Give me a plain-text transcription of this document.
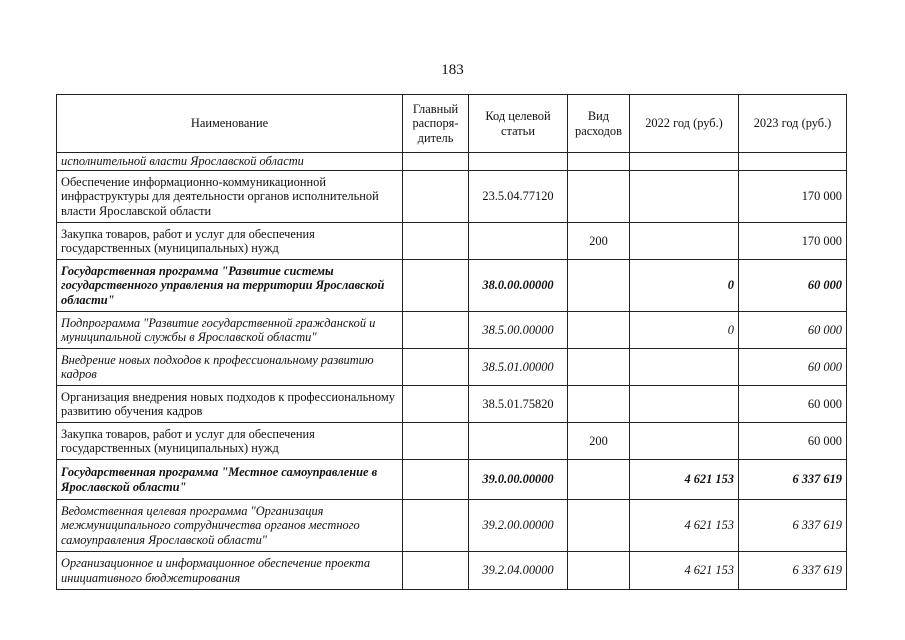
183
Наименование	Главный распоря-дитель	Код целевой статьи	Вид расходов	2022 год (руб.)	2023 год (руб.)
исполнительной власти Ярославской области					
Обеспечение информационно-коммуникационной инфраструктуры для деятельности органов исполнительной власти Ярославской области		23.5.04.77120			170 000
Закупка товаров, работ и услуг для обеспечения государственных (муниципальных) нужд			200		170 000
Государственная программа "Развитие системы государственного управления на территории Ярославской области"		38.0.00.00000		0	60 000
Подпрограмма "Развитие государственной гражданской и муниципальной службы в Ярославской области"		38.5.00.00000		0	60 000
Внедрение новых подходов к профессиональному развитию кадров		38.5.01.00000			60 000
Организация внедрения новых подходов к профессиональному развитию обучения кадров		38.5.01.75820			60 000
Закупка товаров, работ и услуг для обеспечения государственных (муниципальных) нужд			200		60 000
Государственная программа "Местное самоуправление в Ярославской области"		39.0.00.00000		4 621 153	6 337 619
Ведомственная целевая программа "Организация межмуниципального сотрудничества органов местного самоуправления Ярославской области"		39.2.00.00000		4 621 153	6 337 619
Организационное и информационное обеспечение проекта инициативного бюджетирования		39.2.04.00000		4 621 153	6 337 619
